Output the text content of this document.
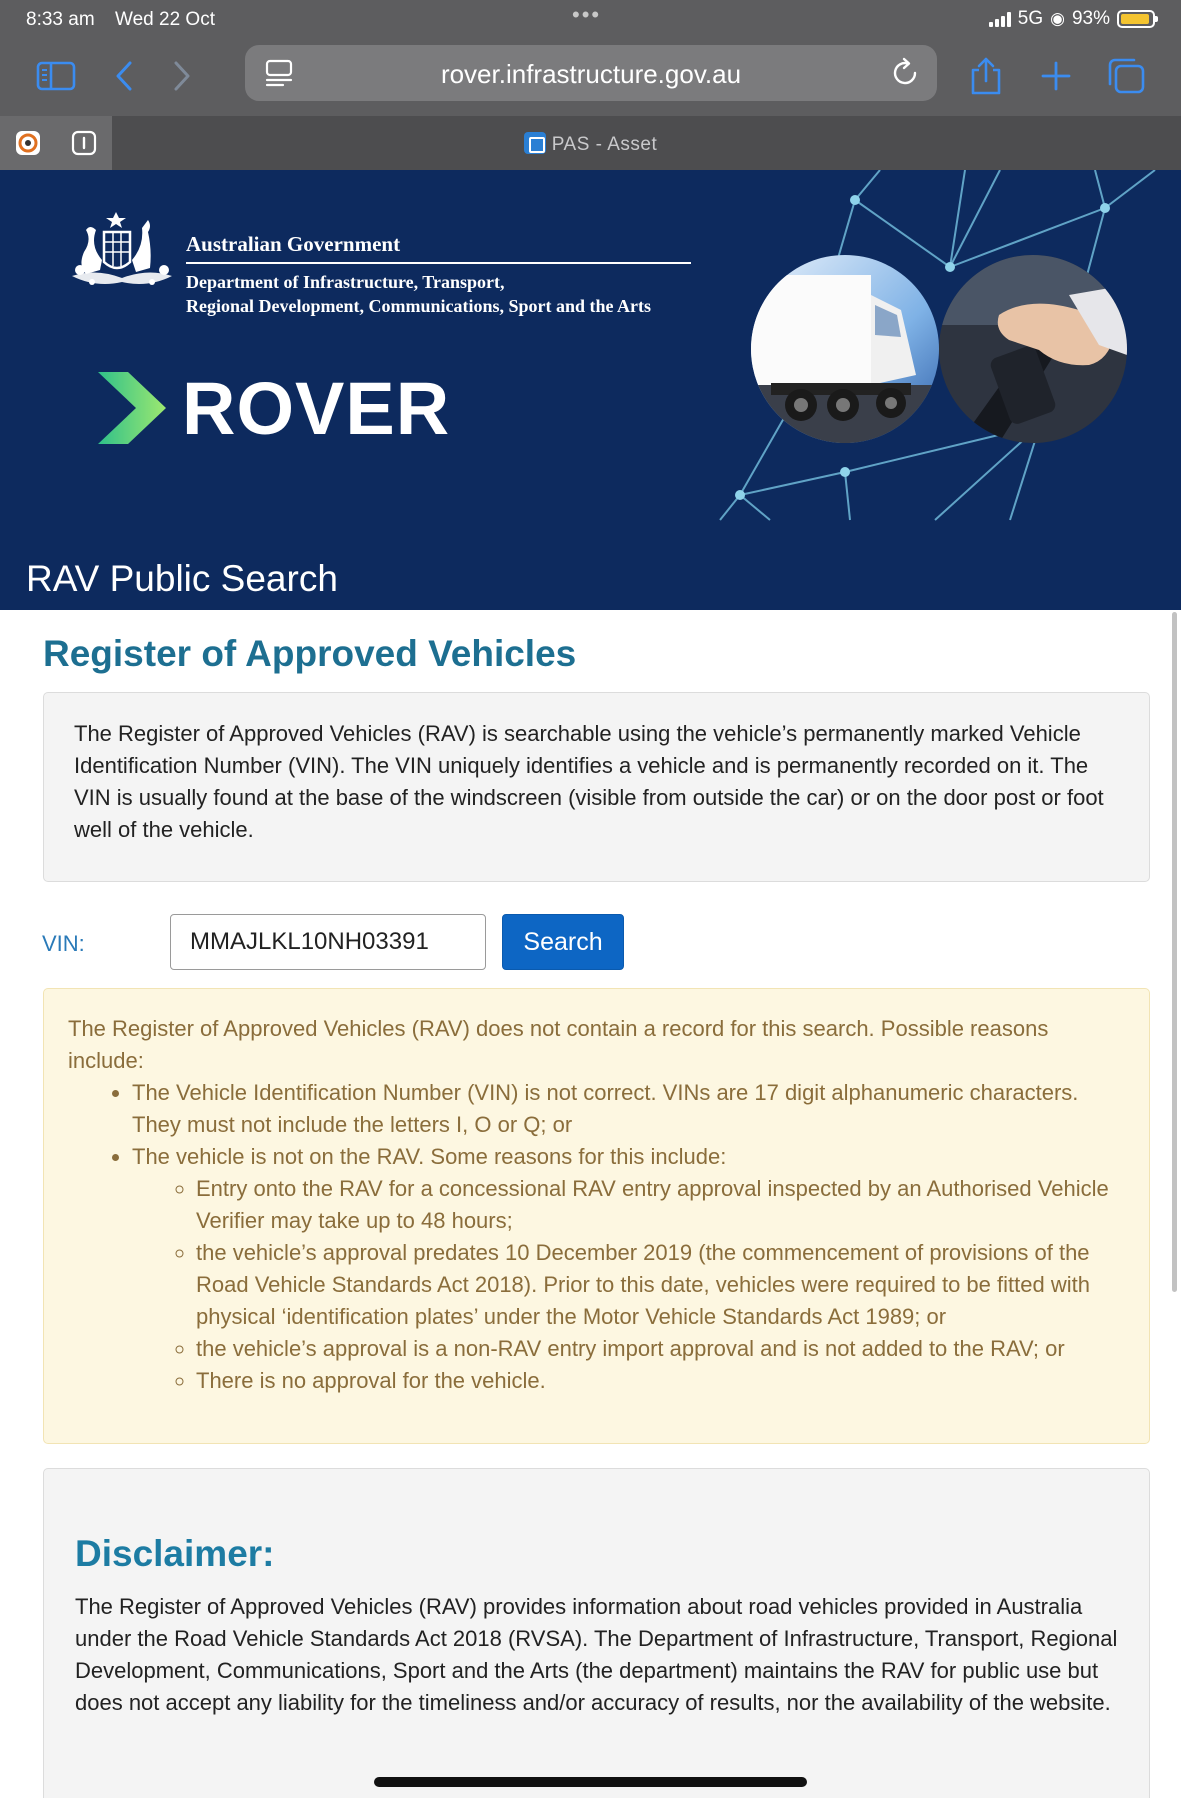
8:33 am Wed 22 Oct	•••	5G ◉ 93%
rover.infrastructure.gov.au
PAS - Asset
Australian Government
Department of Infrastructure, Transport,
Regional Development, Communications, Sport and the Arts
ROVER
RAV Public Search
Register of Approved Vehicles

The Register of Approved Vehicles (RAV) is searchable using the vehicle’s permanently marked Vehicle Identification Number (VIN). The VIN uniquely identifies a vehicle and is permanently recorded on it. The VIN is usually found at the base of the windscreen (visible from outside the car) or on the door post or foot well of the vehicle.

VIN:
MMAJLKL10NH03391	Search

The Register of Approved Vehicles (RAV) does not contain a record for this search. Possible reasons include:

• The Vehicle Identification Number (VIN) is not correct. VINs are 17 digit alphanumeric characters. They must not include the letters I, O or Q; or
• The vehicle is not on the RAV. Some reasons for this include:
◦ Entry onto the RAV for a concessional RAV entry approval inspected by an Authorised Vehicle Verifier may take up to 48 hours;
◦ the vehicle’s approval predates 10 December 2019 (the commencement of provisions of the Road Vehicle Standards Act 2018). Prior to this date, vehicles were required to be fitted with physical ‘identification plates’ under the Motor Vehicle Standards Act 1989; or
◦ the vehicle’s approval is a non-RAV entry import approval and is not added to the RAV; or
◦ There is no approval for the vehicle.
Disclaimer:

The Register of Approved Vehicles (RAV) provides information about road vehicles provided in Australia under the Road Vehicle Standards Act 2018 (RVSA). The Department of Infrastructure, Transport, Regional Development, Communications, Sport and the Arts (the department) maintains the RAV for public use but does not accept any liability for the timeliness and/or accuracy of results, nor the availability of the website.
